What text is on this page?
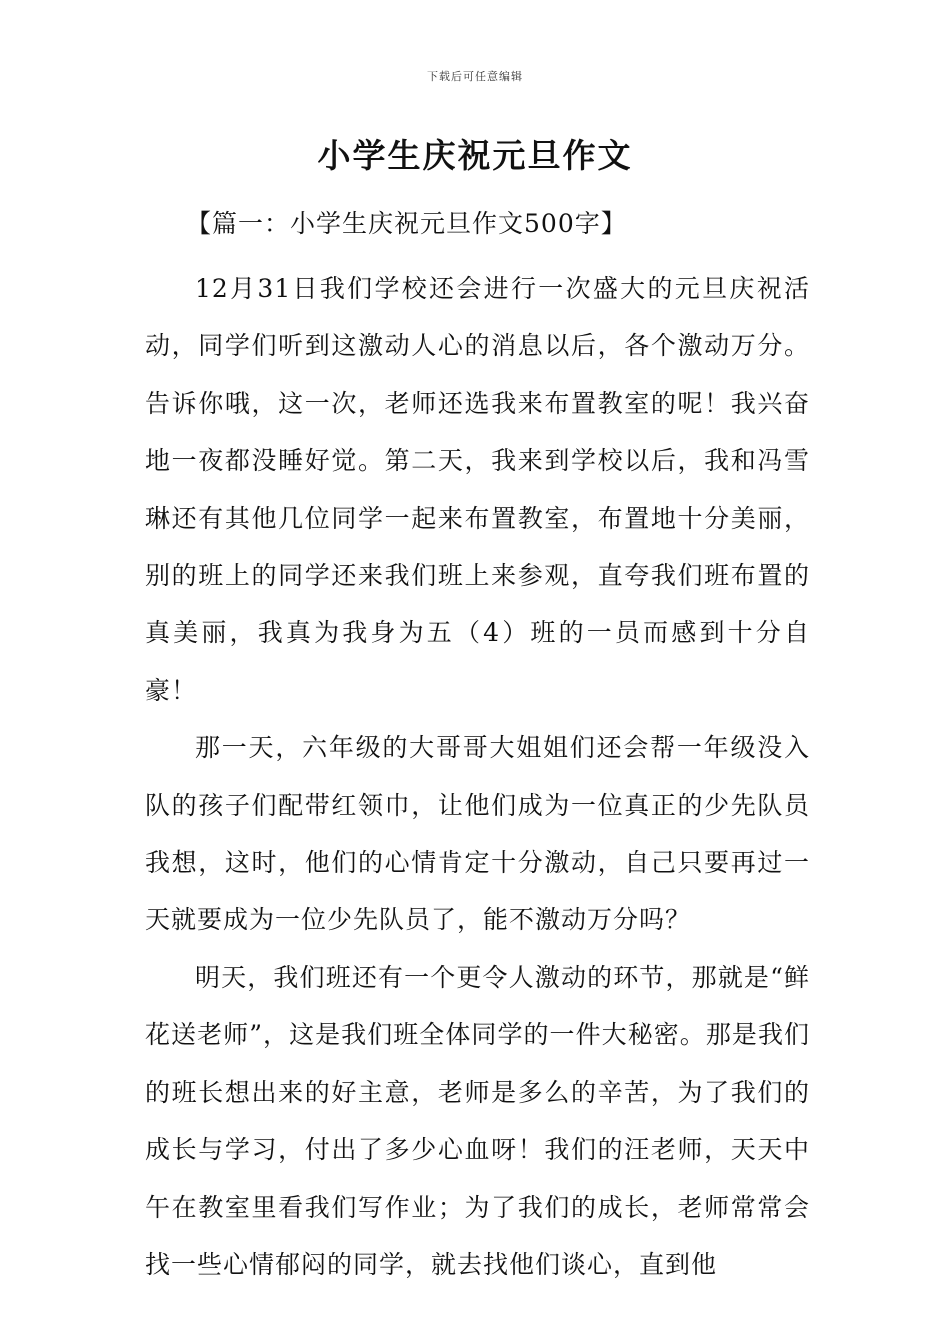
下载后可任意编辑
小学生庆祝元旦作文
【篇一：小学生庆祝元旦作文500字】

12月31日我们学校还会进行一次盛大的元旦庆祝活动，同学们听到这激动人心的消息以后，各个激动万分。告诉你哦，这一次，老师还选我来布置教室的呢！我兴奋地一夜都没睡好觉。第二天，我来到学校以后，我和冯雪琳还有其他几位同学一起来布置教室，布置地十分美丽，别的班上的同学还来我们班上来参观，直夸我们班布置的真美丽，我真为我身为五（4）班的一员而感到十分自豪！

那一天，六年级的大哥哥大姐姐们还会帮一年级没入队的孩子们配带红领巾，让他们成为一位真正的少先队员我想，这时，他们的心情肯定十分激动，自己只要再过一天就要成为一位少先队员了，能不激动万分吗？

明天，我们班还有一个更令人激动的环节，那就是“鲜花送老师”，这是我们班全体同学的一件大秘密。那是我们的班长想出来的好主意，老师是多么的辛苦，为了我们的成长与学习，付出了多少心血呀！我们的汪老师，天天中午在教室里看我们写作业；为了我们的成长，老师常常会找一些心情郁闷的同学，就去找他们谈心，直到他
